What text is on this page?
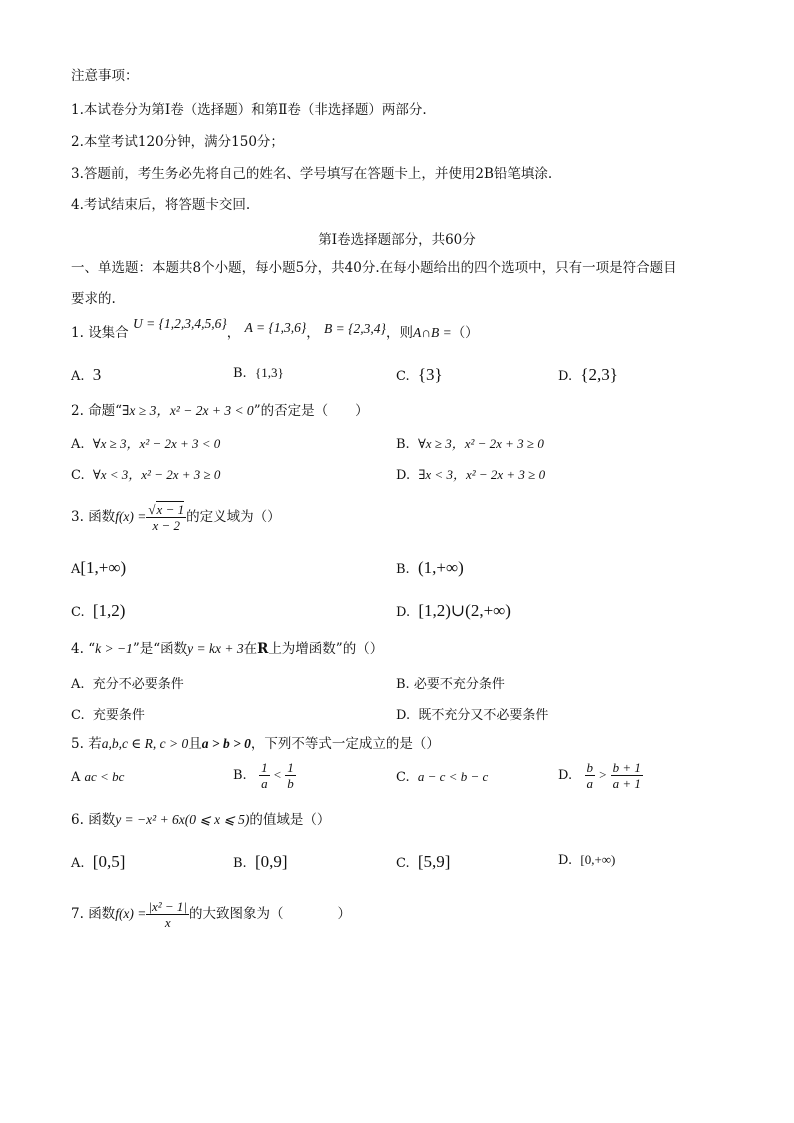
注意事项：
1.本试卷分为第Ⅰ卷（选择题）和第Ⅱ卷（非选择题）两部分.
2.本堂考试120分钟，满分150分；
3.答题前，考生务必先将自己的姓名、学号填写在答题卡上，并使用2B铅笔填涂.
4.考试结束后，将答题卡交回.
第Ⅰ卷选择题部分，共60分
一、单选题：本题共8个小题，每小题5分，共40分.在每小题给出的四个选项中，只有一项是符合题目
要求的.
1. 设集合 U = {1,2,3,4,5,6}， A = {1,3,6}， B = {2,3,4}，则A∩B =（）
A. 3	B. {1,3}	C. {3}	D. {2,3}
2. 命题“∃x ≥ 3，x² − 2x + 3 < 0”的否定是（　　）
A. ∀x ≥ 3，x² − 2x + 3 < 0	B. ∀x ≥ 3，x² − 2x + 3 ≥ 0
C. ∀x < 3，x² − 2x + 3 ≥ 0	D. ∃x < 3，x² − 2x + 3 ≥ 0
3. 函数$f(x) = \frac{√x - 1}{x - 2}$ 的定义域为（）
A[1,+∞)	B. (1,+∞)
C. [1,2)	D. [1,2)∪(2,+∞)
4. “k > −1”是“函数y = kx + 3在R上为增函数”的（）
A. 充分不必要条件	B. 必要不充分条件
C. 充要条件	D. 既不充分又不必要条件
5. 若a,b,c ∈ R, c > 0且a > b > 0，下列不等式一定成立的是（）
A ac < bc	B. $\frac{1}{a} < \frac{1}{b}$	C. a − c < b − c	D. $\frac{b}{a} > \frac{b + 1}{a + 1}$
6. 函数y = −x² + 6x(0 ⩽ x ⩽ 5)的值域是（）
A. [0,5]	B. [0,9]	C. [5,9]	D. [0,+∞)
7. 函数$f(x) = \frac{\text{|x² − 1|}}{x}$ 的大致图象为（　　　　）
